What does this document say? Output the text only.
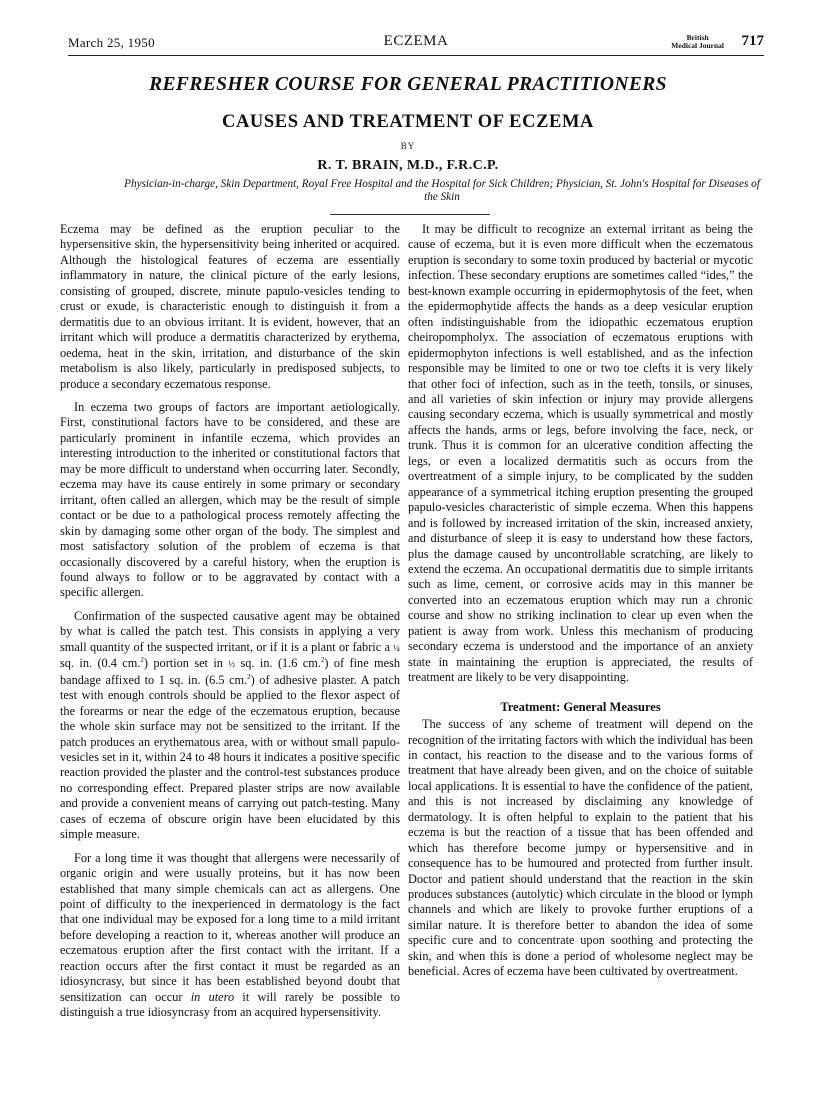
March 25, 1950	ECZEMA	British
Medical Journal 717
REFRESHER COURSE FOR GENERAL PRACTITIONERS
CAUSES AND TREATMENT OF ECZEMA
BY
R. T. BRAIN, M.D., F.R.C.P.
Physician-in-charge, Skin Department, Royal Free Hospital and the Hospital for Sick Children; Physician, St. John's Hospital for Diseases of the Skin

Eczema may be defined as the eruption peculiar to the hypersensitive skin, the hypersensitivity being inherited or acquired. Although the histological features of eczema are essentially inflammatory in nature, the clinical picture of the early lesions, consisting of grouped, discrete, minute papulo-vesicles tending to crust or exude, is characteristic enough to distinguish it from a dermatitis due to an obvious irritant. It is evident, however, that an irritant which will produce a dermatitis characterized by erythema, oedema, heat in the skin, irritation, and disturbance of the skin metabolism is also likely, particularly in predisposed subjects, to produce a secondary eczematous response.

In eczema two groups of factors are important aetiologically. First, constitutional factors have to be considered, and these are particularly prominent in infantile eczema, which provides an interesting introduction to the inherited or constitutional factors that may be more difficult to understand when occurring later. Secondly, eczema may have its cause entirely in some primary or secondary irritant, often called an allergen, which may be the result of simple contact or be due to a pathological process remotely affecting the skin by damaging some other organ of the body. The simplest and most satisfactory solution of the problem of eczema is that occasionally discovered by a careful history, when the eruption is found always to follow or to be aggravated by contact with a specific allergen.

Confirmation of the suspected causative agent may be obtained by what is called the patch test. This consists in applying a very small quantity of the suspected irritant, or if it is a plant or fabric a ¼ sq. in. (0.4 cm.$^2$) portion set in ½ sq. in. (1.6 cm.$^2$) of fine mesh bandage affixed to 1 sq. in. (6.5 cm.$^2$) of adhesive plaster. A patch test with enough controls should be applied to the flexor aspect of the forearms or near the edge of the eczematous eruption, because the whole skin surface may not be sensitized to the irritant. If the patch produces an erythematous area, with or without small papulo-vesicles set in it, within 24 to 48 hours it indicates a positive specific reaction provided the plaster and the control-test substances produce no corresponding effect. Prepared plaster strips are now available and provide a convenient means of carrying out patch-testing. Many cases of eczema of obscure origin have been elucidated by this simple measure.

For a long time it was thought that allergens were necessarily of organic origin and were usually proteins, but it has now been established that many simple chemicals can act as allergens. One point of difficulty to the inexperienced in dermatology is the fact that one individual may be exposed for a long time to a mild irritant before developing a reaction to it, whereas another will produce an eczematous eruption after the first contact with the irritant. If a reaction occurs after the first contact it must be regarded as an idiosyncrasy, but since it has been established beyond doubt that sensitization can occur in utero it will rarely be possible to distinguish a true idiosyncrasy from an acquired hypersensitivity.

It may be difficult to recognize an external irritant as being the cause of eczema, but it is even more difficult when the eczematous eruption is secondary to some toxin produced by bacterial or mycotic infection. These secondary eruptions are sometimes called “ides,” the best-known example occurring in epidermophytosis of the feet, when the epidermophytide affects the hands as a deep vesicular eruption often indistinguishable from the idiopathic eczematous eruption cheiropompholyx. The association of eczematous eruptions with epidermophyton infections is well established, and as the infection responsible may be limited to one or two toe clefts it is very likely that other foci of infection, such as in the teeth, tonsils, or sinuses, and all varieties of skin infection or injury may provide allergens causing secondary eczema, which is usually symmetrical and mostly affects the hands, arms or legs, before involving the face, neck, or trunk. Thus it is common for an ulcerative condition affecting the legs, or even a localized dermatitis such as occurs from the overtreatment of a simple injury, to be complicated by the sudden appearance of a symmetrical itching eruption presenting the grouped papulo-vesicles characteristic of simple eczema. When this happens and is followed by increased irritation of the skin, increased anxiety, and disturbance of sleep it is easy to understand how these factors, plus the damage caused by uncontrollable scratching, are likely to extend the eczema. An occupational dermatitis due to simple irritants such as lime, cement, or corrosive acids may in this manner be converted into an eczematous eruption which may run a chronic course and show no striking inclination to clear up even when the patient is away from work. Unless this mechanism of producing secondary eczema is understood and the importance of an anxiety state in maintaining the eruption is appreciated, the results of treatment are likely to be very disappointing.

Treatment: General Measures

The success of any scheme of treatment will depend on the recognition of the irritating factors with which the individual has been in contact, his reaction to the disease and to the various forms of treatment that have already been given, and on the choice of suitable local applications. It is essential to have the confidence of the patient, and this is not increased by disclaiming any knowledge of dermatology. It is often helpful to explain to the patient that his eczema is but the reaction of a tissue that has been offended and which has therefore become jumpy or hypersensitive and in consequence has to be humoured and protected from further insult. Doctor and patient should understand that the reaction in the skin produces substances (autolytic) which circulate in the blood or lymph channels and which are likely to provoke further eruptions of a similar nature. It is therefore better to abandon the idea of some specific cure and to concentrate upon soothing and protecting the skin, and when this is done a period of wholesome neglect may be beneficial. Acres of eczema have been cultivated by overtreatment.
